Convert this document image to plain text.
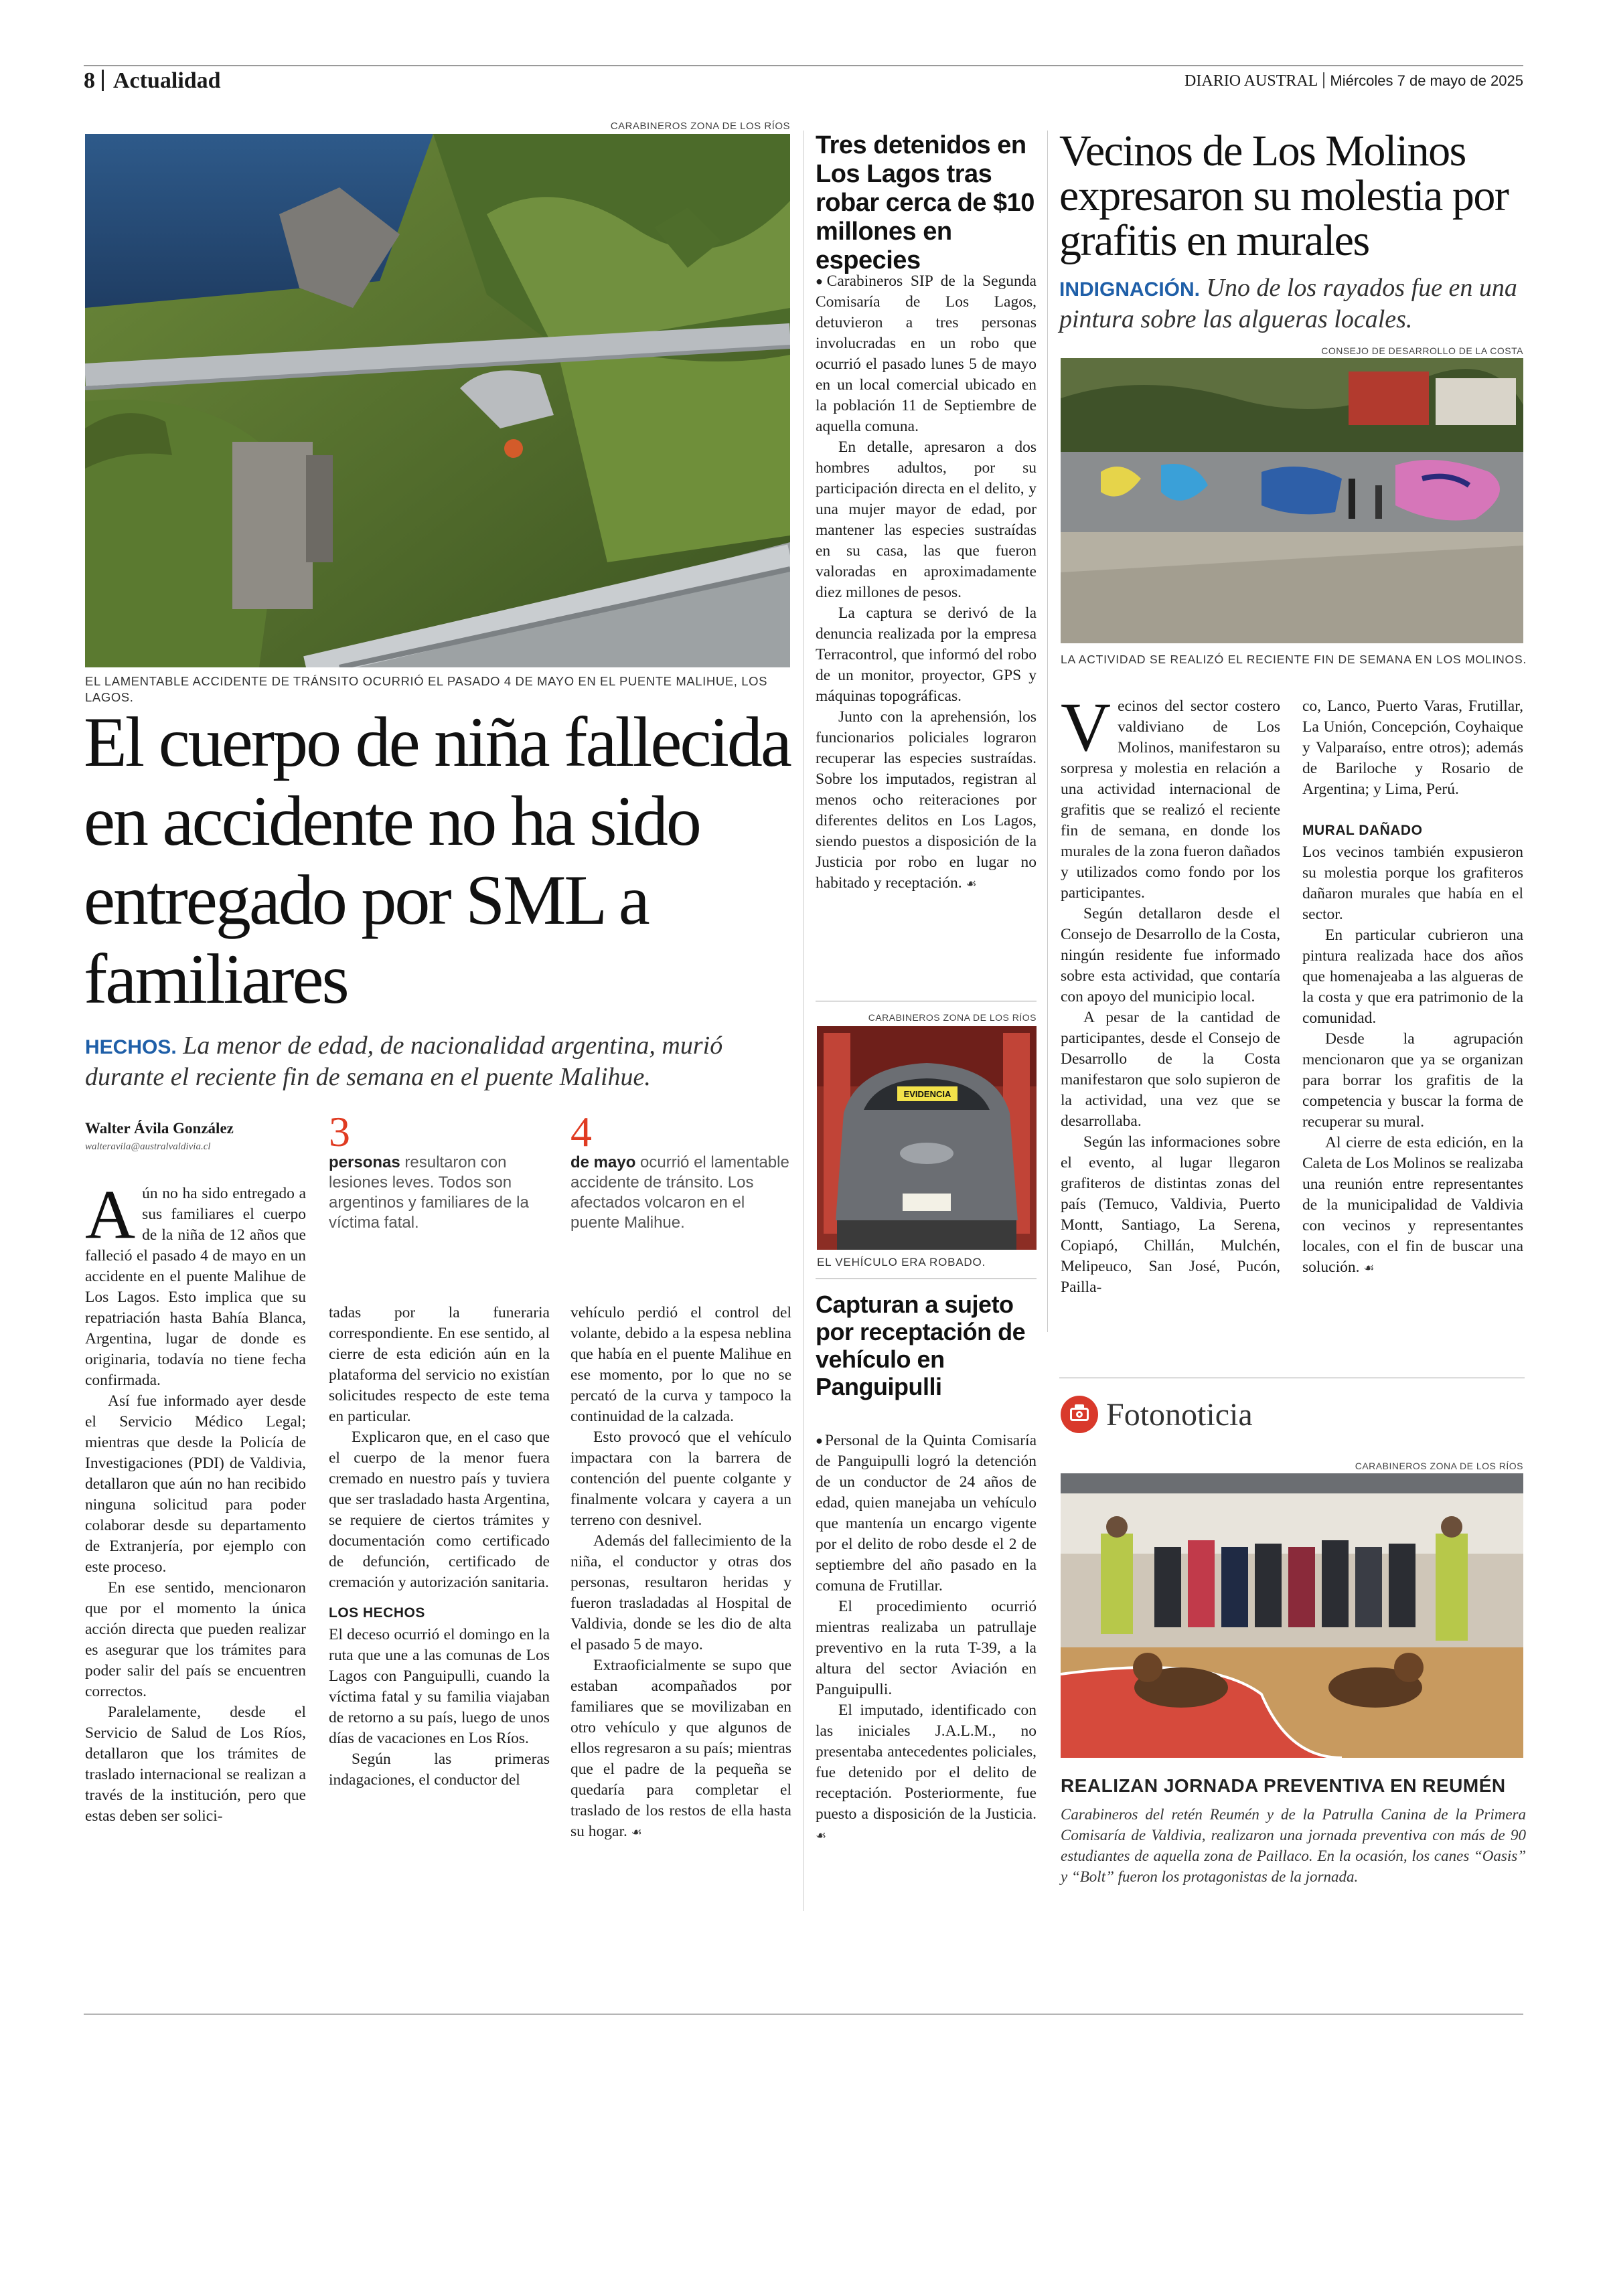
8 Actualidad	DIARIO AUSTRAL Miércoles 7 de mayo de 2025
CARABINEROS ZONA DE LOS RÍOS
EL LAMENTABLE ACCIDENTE DE TRÁNSITO OCURRIÓ EL PASADO 4 DE MAYO EN EL PUENTE MALIHUE, LOS LAGOS.
El cuerpo de niña fallecida en accidente no ha sido entregado por SML a familiares
HECHOS. La menor de edad, de nacionalidad argentina, murió durante el reciente fin de semana en el puente Malihue.
Walter Ávila González
walteravila@australvaldivia.cl	3
personas resultaron con lesiones leves. Todos son argentinos y familiares de la víctima fatal.
4
de mayo ocurrió el lamentable accidente de tránsito. Los afectados volcaron en el puente Malihue.

Aún no ha sido entregado a sus familiares el cuerpo de la niña de 12 años que falleció el pasado 4 de mayo en un accidente en el puente Malihue de Los Lagos. Esto implica que su repatriación hasta Bahía Blanca, Argentina, lugar de donde es originaria, todavía no tiene fecha confirmada.

Así fue informado ayer desde el Servicio Médico Legal; mientras que desde la Policía de Investigaciones (PDI) de Valdivia, detallaron que aún no han recibido ninguna solicitud para poder colaborar desde su departamento de Extranjería, por ejemplo con este proceso.

En ese sentido, mencionaron que por el momento la única acción directa que pueden realizar es asegurar que los trámites para poder salir del país se encuentren correctos.

Paralelamente, desde el Servicio de Salud de Los Ríos, detallaron que los trámites de traslado internacional se realizan a través de la institución, pero que estas deben ser solici-

tadas por la funeraria correspondiente. En ese sentido, al cierre de esta edición aún en la plataforma del servicio no existían solicitudes respecto de este tema en particular.

Explicaron que, en el caso que el cuerpo de la menor fuera cremado en nuestro país y tuviera que ser trasladado hasta Argentina, se requiere de ciertos trámites y documentación como certificado de defunción, certificado de cremación y autorización sanitaria.

LOS HECHOS

El deceso ocurrió el domingo en la ruta que une a las comunas de Los Lagos con Panguipulli, cuando la víctima fatal y su familia viajaban de retorno a su país, luego de unos días de vacaciones en Los Ríos.

Según las primeras indagaciones, el conductor del

vehículo perdió el control del volante, debido a la espesa neblina que había en el puente Malihue en ese momento, por lo que no se percató de la curva y tampoco la continuidad de la calzada.

Esto provocó que el vehículo impactara con la barrera de contención del puente colgante y finalmente volcara y cayera a un terreno con desnivel.

Además del fallecimiento de la niña, el conductor y otras dos personas, resultaron heridas y fueron trasladadas al Hospital de Valdivia, donde se les dio de alta el pasado 5 de mayo.

Extraoficialmente se supo que estaban acompañados por familiares que se movilizaban en otro vehículo y que algunos de ellos regresaron a su país; mientras que el padre de la pequeña se quedaría para completar el traslado de los restos de ella hasta su hogar. ☙

Tres detenidos en Los Lagos tras robar cerca de $10 millones en especies

●Carabineros SIP de la Segunda Comisaría de Los Lagos, detuvieron a tres personas involucradas en un robo que ocurrió el pasado lunes 5 de mayo en un local comercial ubicado en la población 11 de Septiembre de aquella comuna.

En detalle, apresaron a dos hombres adultos, por su participación directa en el delito, y una mujer mayor de edad, por mantener las especies sustraídas en su casa, las que fueron valoradas en aproximadamente diez millones de pesos.

La captura se derivó de la denuncia realizada por la empresa Terracontrol, que informó del robo de un monitor, proyector, GPS y máquinas topográficas.

Junto con la aprehensión, los funcionarios policiales lograron recuperar las especies sustraídas. Sobre los imputados, registran al menos ocho reiteraciones por diferentes delitos en Los Lagos, siendo puestos a disposición de la Justicia por robo en lugar no habitado y receptación. ☙

CARABINEROS ZONA DE LOS RÍOS
EVIDENCIA
EL VEHÍCULO ERA ROBADO.
Capturan a sujeto por receptación de vehículo en Panguipulli

●Personal de la Quinta Comisaría de Panguipulli logró la detención de un conductor de 24 años de edad, quien manejaba un vehículo que mantenía un encargo vigente por el delito de robo desde el 2 de septiembre del año pasado en la comuna de Frutillar.

El procedimiento ocurrió mientras realizaba un patrullaje preventivo en la ruta T-39, a la altura del sector Aviación en Panguipulli.

El imputado, identificado con las iniciales J.A.L.M., no presentaba antecedentes policiales, fue detenido por el delito de receptación. Posteriormente, fue puesto a disposición de la Justicia. ☙

Vecinos de Los Molinos expresaron su molestia por grafitis en murales
INDIGNACIÓN. Uno de los rayados fue en una pintura sobre las algueras locales.
CONSEJO DE DESARROLLO DE LA COSTA
LA ACTIVIDAD SE REALIZÓ EL RECIENTE FIN DE SEMANA EN LOS MOLINOS.

Vecinos del sector costero valdiviano de Los Molinos, manifestaron su sorpresa y molestia en relación a una actividad internacional de grafitis que se realizó el reciente fin de semana, en donde los murales de la zona fueron dañados y utilizados como fondo por los participantes.

Según detallaron desde el Consejo de Desarrollo de la Costa, ningún residente fue informado sobre esta actividad, que contaría con apoyo del municipio local.

A pesar de la cantidad de participantes, desde el Consejo de Desarrollo de la Costa manifestaron que solo supieron de la actividad, una vez que se desarrollaba.

Según las informaciones sobre el evento, al lugar llegaron grafiteros de distintas zonas del país (Temuco, Valdivia, Puerto Montt, Santiago, La Serena, Copiapó, Chillán, Mulchén, Melipeuco, San José, Pucón, Pailla-

co, Lanco, Puerto Varas, Frutillar, La Unión, Concepción, Coyhaique y Valparaíso, entre otros); además de Bariloche y Rosario de Argentina; y Lima, Perú.

MURAL DAÑADO

Los vecinos también expusieron su molestia porque los grafiteros dañaron murales que había en el sector.

En particular cubrieron una pintura realizada hace dos años que homenajeaba a las algueras de la costa y que era patrimonio de la comunidad.

Desde la agrupación mencionaron que ya se organizan para borrar los grafitis de la competencia y buscar la forma de recuperar su mural.

Al cierre de esta edición, en la Caleta de Los Molinos se realizaba una reunión entre representantes de la municipalidad de Valdivia con vecinos y representantes locales, con el fin de buscar una solución. ☙

Fotonoticia
CARABINEROS ZONA DE LOS RÍOS
REALIZAN JORNADA PREVENTIVA EN REUMÉN
Carabineros del retén Reumén y de la Patrulla Canina de la Primera Comisaría de Valdivia, realizaron una jornada preventiva con más de 90 estudiantes de aquella zona de Paillaco. En la ocasión, los canes “Oasis” y “Bolt” fueron los protagonistas de la jornada.
